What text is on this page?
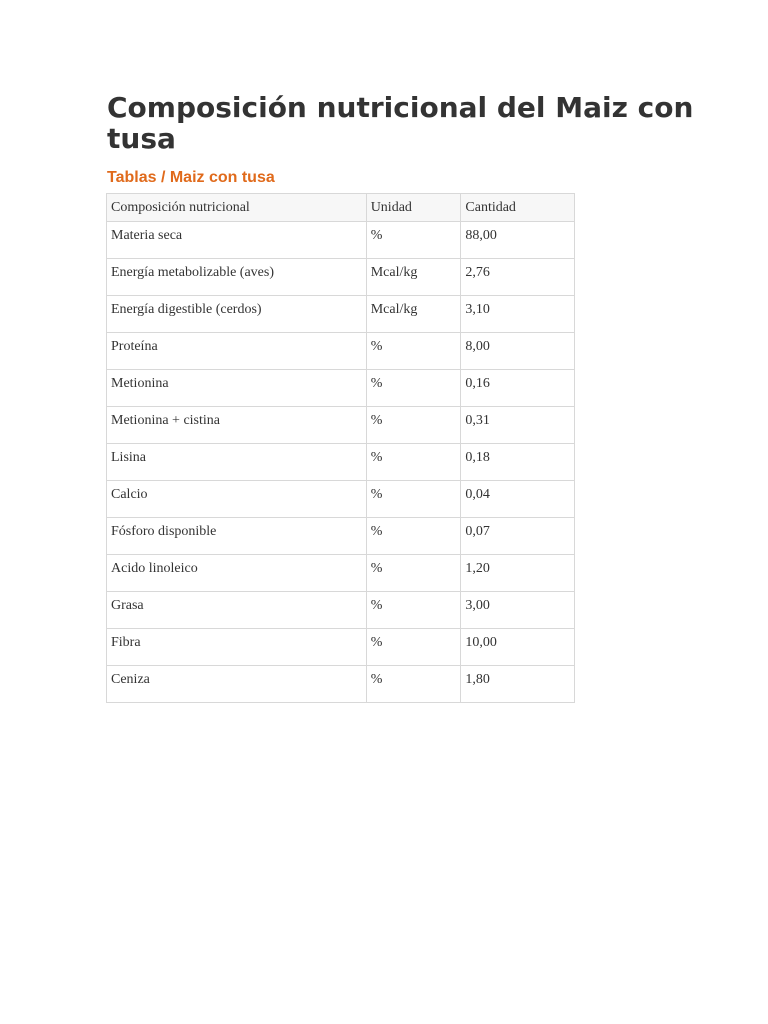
Composición nutricional del Maiz con tusa
Tablas / Maiz con tusa
Composición nutricional	Unidad	Cantidad
Materia seca	%	88,00
Energía metabolizable (aves)	Mcal/kg	2,76
Energía digestible (cerdos)	Mcal/kg	3,10
Proteína	%	8,00
Metionina	%	0,16
Metionina + cistina	%	0,31
Lisina	%	0,18
Calcio	%	0,04
Fósforo disponible	%	0,07
Acido linoleico	%	1,20
Grasa	%	3,00
Fibra	%	10,00
Ceniza	%	1,80
